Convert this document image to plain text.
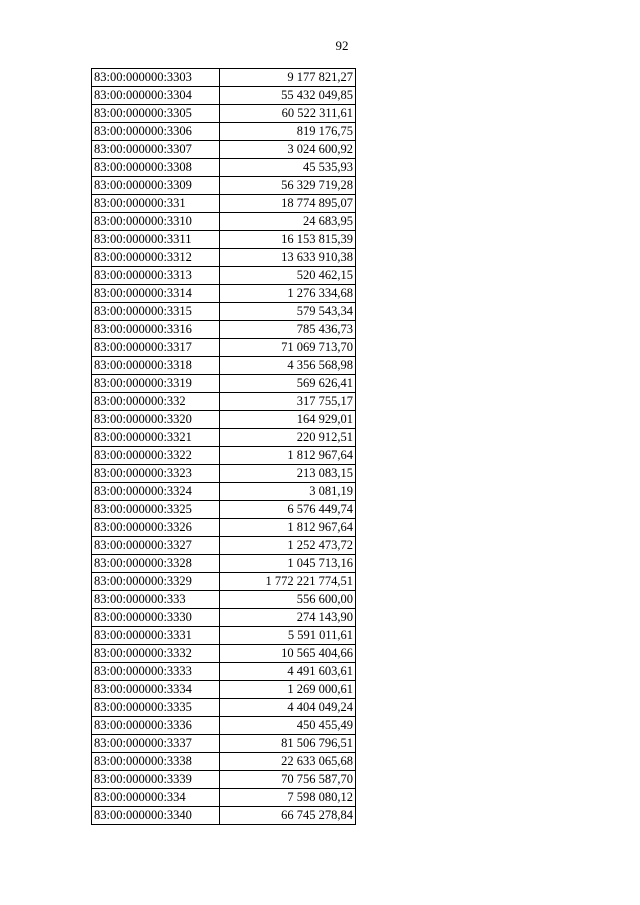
92
83:00:000000:3303	9 177 821,27
83:00:000000:3304	55 432 049,85
83:00:000000:3305	60 522 311,61
83:00:000000:3306	819 176,75
83:00:000000:3307	3 024 600,92
83:00:000000:3308	45 535,93
83:00:000000:3309	56 329 719,28
83:00:000000:331	18 774 895,07
83:00:000000:3310	24 683,95
83:00:000000:3311	16 153 815,39
83:00:000000:3312	13 633 910,38
83:00:000000:3313	520 462,15
83:00:000000:3314	1 276 334,68
83:00:000000:3315	579 543,34
83:00:000000:3316	785 436,73
83:00:000000:3317	71 069 713,70
83:00:000000:3318	4 356 568,98
83:00:000000:3319	569 626,41
83:00:000000:332	317 755,17
83:00:000000:3320	164 929,01
83:00:000000:3321	220 912,51
83:00:000000:3322	1 812 967,64
83:00:000000:3323	213 083,15
83:00:000000:3324	3 081,19
83:00:000000:3325	6 576 449,74
83:00:000000:3326	1 812 967,64
83:00:000000:3327	1 252 473,72
83:00:000000:3328	1 045 713,16
83:00:000000:3329	1 772 221 774,51
83:00:000000:333	556 600,00
83:00:000000:3330	274 143,90
83:00:000000:3331	5 591 011,61
83:00:000000:3332	10 565 404,66
83:00:000000:3333	4 491 603,61
83:00:000000:3334	1 269 000,61
83:00:000000:3335	4 404 049,24
83:00:000000:3336	450 455,49
83:00:000000:3337	81 506 796,51
83:00:000000:3338	22 633 065,68
83:00:000000:3339	70 756 587,70
83:00:000000:334	7 598 080,12
83:00:000000:3340	66 745 278,84
